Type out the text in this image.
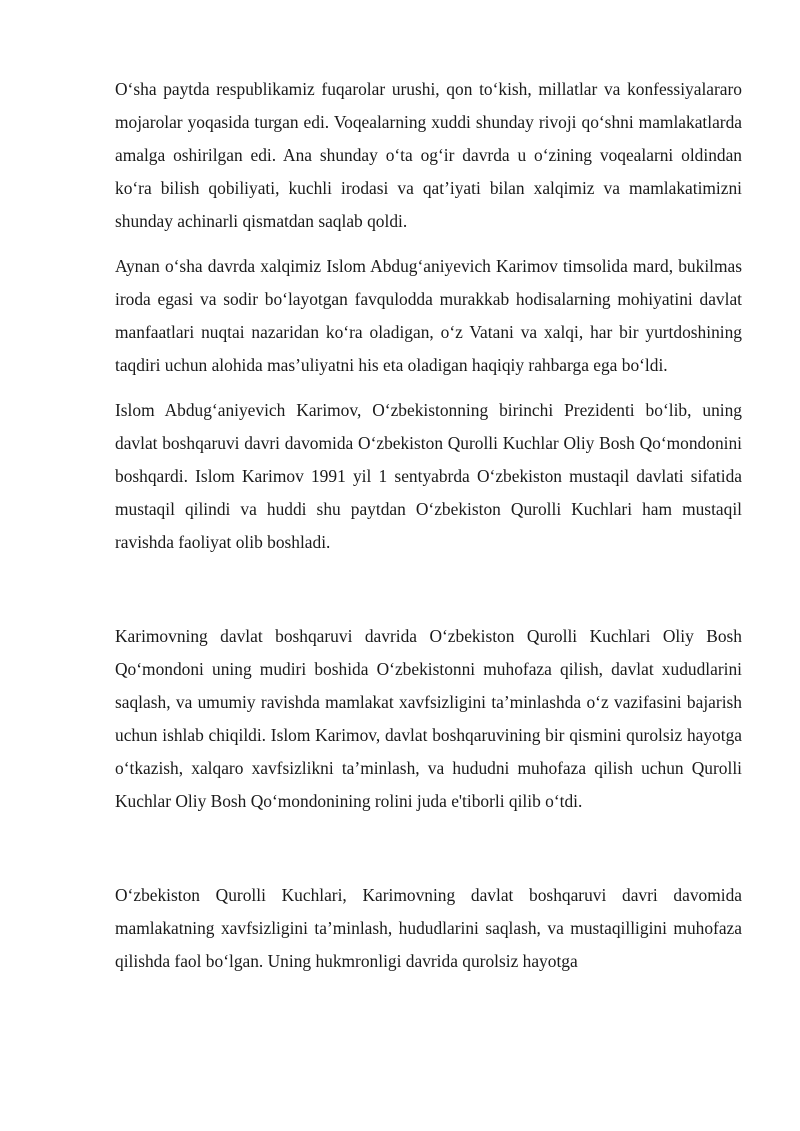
O‘sha paytda respublikamiz fuqarolar urushi, qon to‘kish, millatlar va konfessiyalararo mojarolar yoqasida turgan edi. Voqealarning xuddi shunday rivoji qo‘shni mamlakatlarda amalga oshirilgan edi. Ana shunday o‘ta og‘ir davrda u o‘zining voqealarni oldindan ko‘ra bilish qobiliyati, kuchli irodasi va qat’iyati bilan xalqimiz va mamlakatimizni shunday achinarli qismatdan saqlab qoldi.

Aynan o‘sha davrda xalqimiz Islom Abdug‘aniyevich Karimov timsolida mard, bukilmas iroda egasi va sodir bo‘layotgan favqulodda murakkab hodisalarning mohiyatini davlat manfaatlari nuqtai nazaridan ko‘ra oladigan, o‘z Vatani va xalqi, har bir yurtdoshining taqdiri uchun alohida mas’uliyatni his eta oladigan haqiqiy rahbarga ega bo‘ldi.

Islom Abdug‘aniyevich Karimov, O‘zbekistonning birinchi Prezidenti bo‘lib, uning davlat boshqaruvi davri davomida O‘zbekiston Qurolli Kuchlar Oliy Bosh Qo‘mondonini boshqardi. Islom Karimov 1991 yil 1 sentyabrda O‘zbekiston mustaqil davlati sifatida mustaqil qilindi va huddi shu paytdan O‘zbekiston Qurolli Kuchlari ham mustaqil ravishda faoliyat olib boshladi.

Karimovning davlat boshqaruvi davrida O‘zbekiston Qurolli Kuchlari Oliy Bosh Qo‘mondoni uning mudiri boshida O‘zbekistonni muhofaza qilish, davlat xududlarini saqlash, va umumiy ravishda mamlakat xavfsizligini ta’minlashda o‘z vazifasini bajarish uchun ishlab chiqildi. Islom Karimov, davlat boshqaruvining bir qismini qurolsiz hayotga o‘tkazish, xalqaro xavfsizlikni ta’minlash, va hududni muhofaza qilish uchun Qurolli Kuchlar Oliy Bosh Qo‘mondonining rolini juda e'tiborli qilib o‘tdi.

O‘zbekiston Qurolli Kuchlari, Karimovning davlat boshqaruvi davri davomida mamlakatning xavfsizligini ta’minlash, hududlarini saqlash, va mustaqilligini muhofaza qilishda faol bo‘lgan. Uning hukmronligi davrida qurolsiz hayotga
